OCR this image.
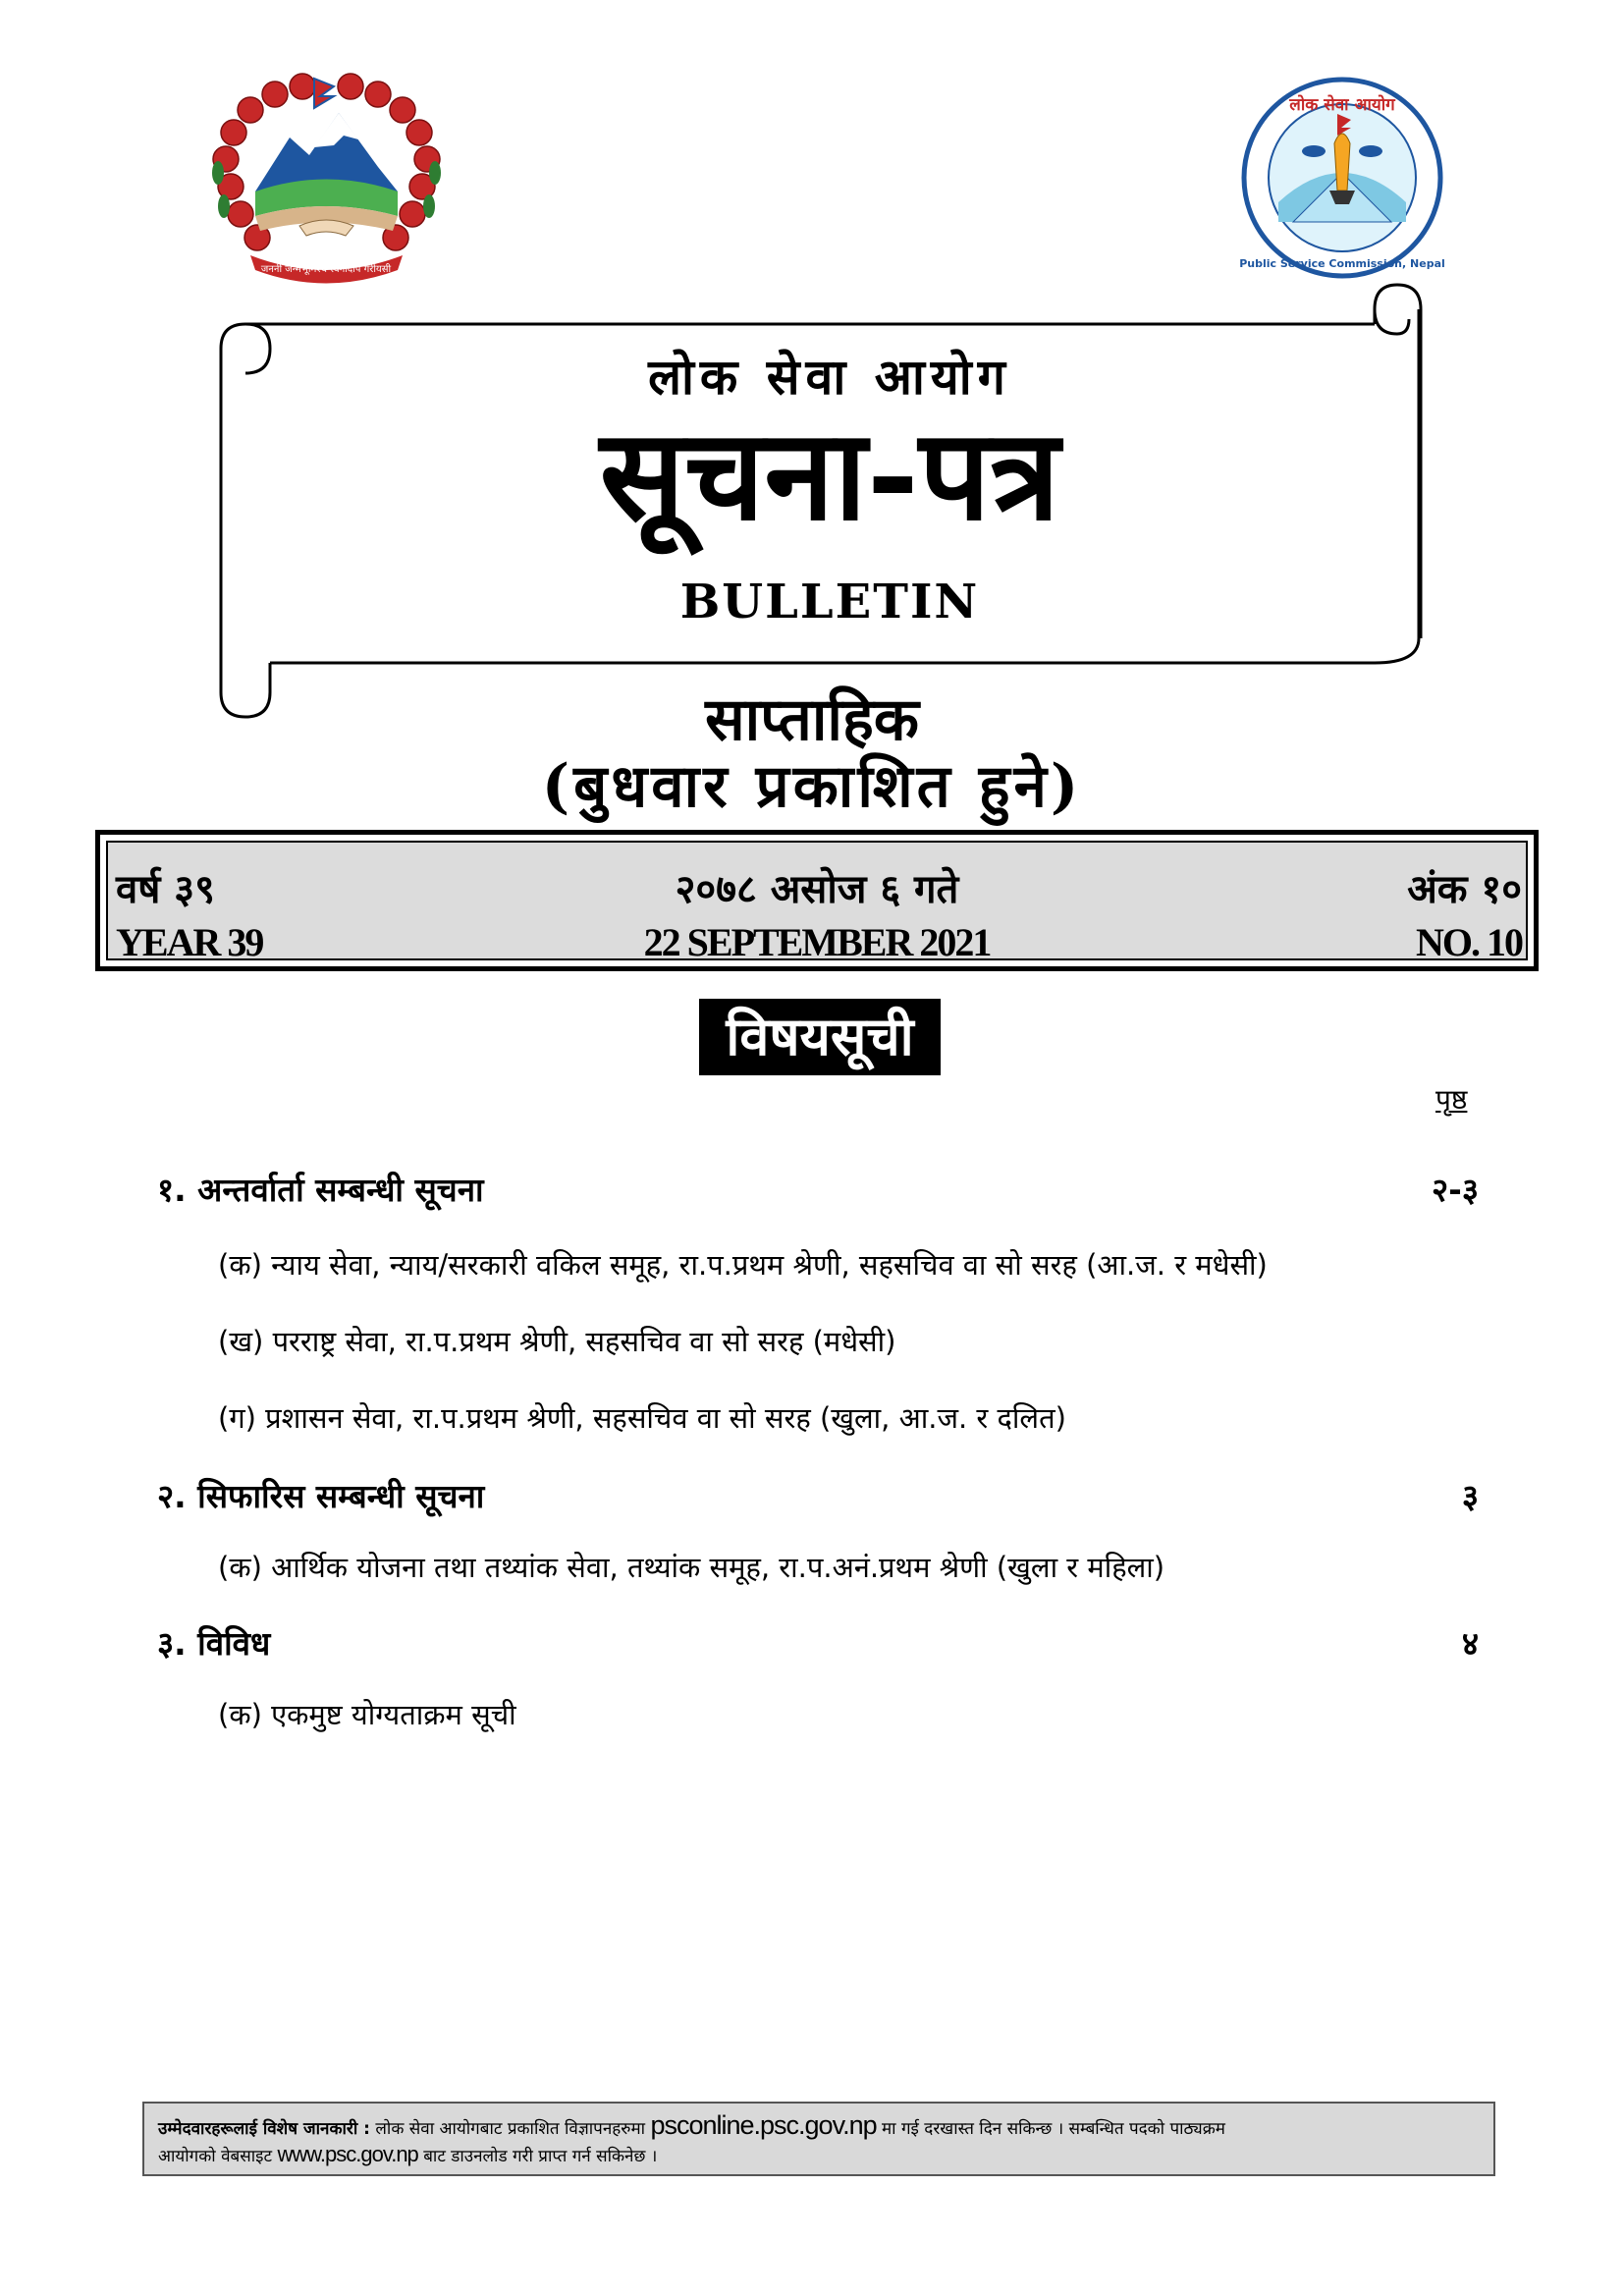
जननी जन्मभूमिश्च स्वर्गादपि गरीयसी
लोक सेवा आयोग
Public Service Commission, Nepal
लोक सेवा आयोग
सूचना-पत्र
BULLETIN
साप्ताहिक
(बुधवार प्रकाशित हुने)
वर्ष ३९	२०७८ असोज ६ गते	अंक १०
YEAR 39	22 SEPTEMBER 2021	NO. 10
विषयसूची
पृष्ठ
१. अन्तर्वार्ता सम्बन्धी सूचना	२-३
(क) न्याय सेवा, न्याय/सरकारी वकिल समूह, रा.प.प्रथम श्रेणी, सहसचिव वा सो सरह (आ.ज. र मधेसी)
(ख) परराष्ट्र सेवा, रा.प.प्रथम श्रेणी, सहसचिव वा सो सरह (मधेसी)
(ग) प्रशासन सेवा, रा.प.प्रथम श्रेणी, सहसचिव वा सो सरह (खुला, आ.ज. र दलित)
२. सिफारिस सम्बन्धी सूचना	३
(क) आर्थिक योजना तथा तथ्यांक सेवा, तथ्यांक समूह, रा.प.अनं.प्रथम श्रेणी (खुला र महिला)
३. विविध	४
(क) एकमुष्ट योग्यताक्रम सूची
उम्मेदवारहरूलाई विशेष जानकारी : लोक सेवा आयोगबाट प्रकाशित विज्ञापनहरुमा psconline.psc.gov.np मा गई दरखास्त दिन सकिन्छ । सम्बन्धित पदको पाठ्यक्रम
आयोगको वेबसाइट www.psc.gov.np बाट डाउनलोड गरी प्राप्त गर्न सकिनेछ ।
